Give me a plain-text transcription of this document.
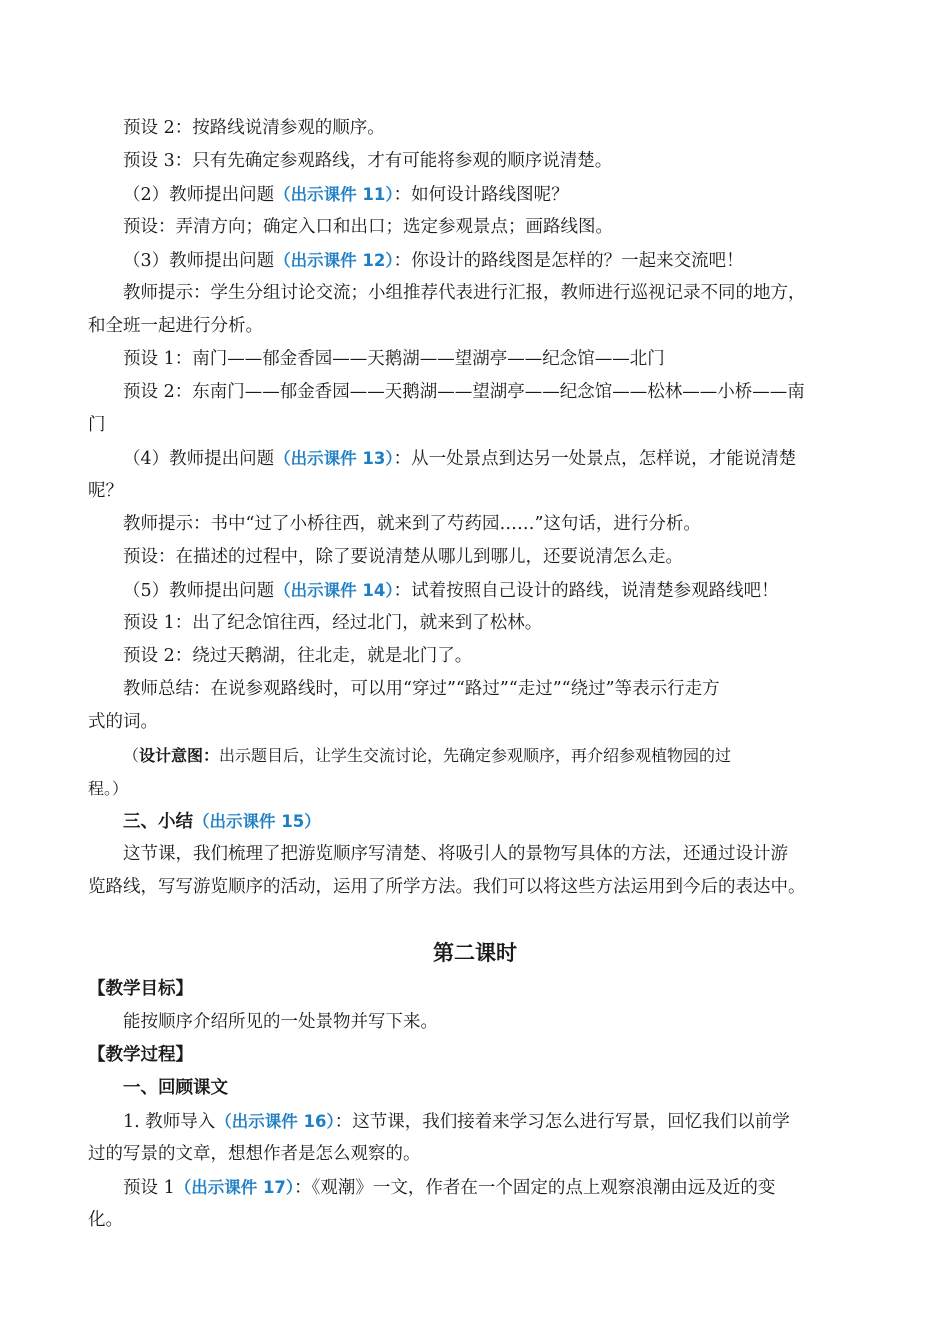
预设 2：按路线说清参观的顺序。
预设 3：只有先确定参观路线，才有可能将参观的顺序说清楚。
（2）教师提出问题（出示课件 11）：如何设计路线图呢？
预设：弄清方向；确定入口和出口；选定参观景点；画路线图。
（3）教师提出问题（出示课件 12）：你设计的路线图是怎样的？一起来交流吧！
教师提示：学生分组讨论交流；小组推荐代表进行汇报，教师进行巡视记录不同的地方，
和全班一起进行分析。
预设 1：南门——郁金香园——天鹅湖——望湖亭——纪念馆——北门
预设 2：东南门——郁金香园——天鹅湖——望湖亭——纪念馆——松林——小桥——南
门
（4）教师提出问题（出示课件 13）：从一处景点到达另一处景点，怎样说，才能说清楚
呢？
教师提示：书中“过了小桥往西，就来到了芍药园……”这句话，进行分析。
预设：在描述的过程中，除了要说清楚从哪儿到哪儿，还要说清怎么走。
（5）教师提出问题（出示课件 14）：试着按照自己设计的路线，说清楚参观路线吧！
预设 1：出了纪念馆往西，经过北门，就来到了松林。
预设 2：绕过天鹅湖，往北走，就是北门了。
教师总结：在说参观路线时，可以用“穿过”“路过”“走过”“绕过”等表示行走方
式的词。
（设计意图：出示题目后，让学生交流讨论，先确定参观顺序，再介绍参观植物园的过
程。）
三、小结（出示课件 15）
这节课，我们梳理了把游览顺序写清楚、将吸引人的景物写具体的方法，还通过设计游
览路线，写写游览顺序的活动，运用了所学方法。我们可以将这些方法运用到今后的表达中。
第二课时
【教学目标】
能按顺序介绍所见的一处景物并写下来。
【教学过程】
一、回顾课文
1. 教师导入（出示课件 16）：这节课，我们接着来学习怎么进行写景，回忆我们以前学
过的写景的文章，想想作者是怎么观察的。
预设 1（出示课件 17）：《观潮》一文，作者在一个固定的点上观察浪潮由远及近的变
化。
